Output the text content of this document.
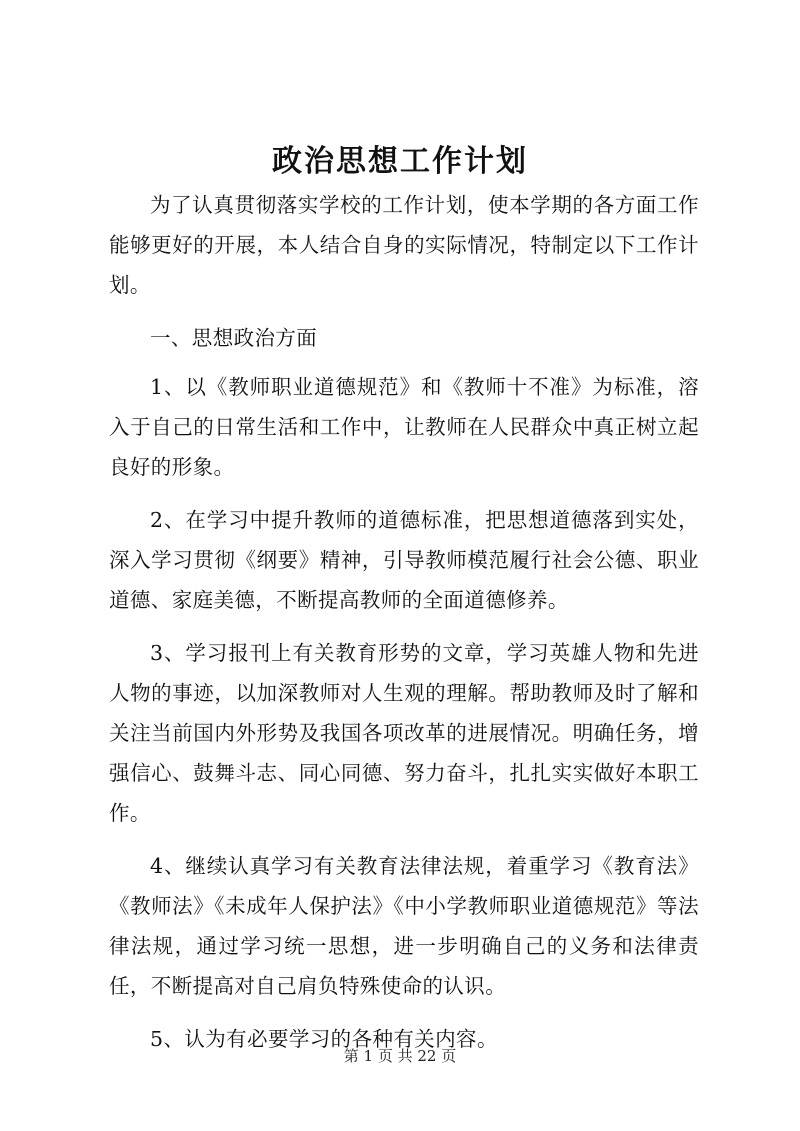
政治思想工作计划

为了认真贯彻落实学校的工作计划，使本学期的各方面工作能够更好的开展，本人结合自身的实际情况，特制定以下工作计划。

一、思想政治方面

1、以《教师职业道德规范》和《教师十不准》为标准，溶入于自己的日常生活和工作中，让教师在人民群众中真正树立起良好的形象。

2、在学习中提升教师的道德标准，把思想道德落到实处，深入学习贯彻《纲要》精神，引导教师模范履行社会公德、职业道德、家庭美德，不断提高教师的全面道德修养。

3、学习报刊上有关教育形势的文章，学习英雄人物和先进人物的事迹，以加深教师对人生观的理解。帮助教师及时了解和关注当前国内外形势及我国各项改革的进展情况。明确任务，增强信心、鼓舞斗志、同心同德、努力奋斗，扎扎实实做好本职工作。

4、继续认真学习有关教育法律法规，着重学习《教育法》《教师法》《未成年人保护法》《中小学教师职业道德规范》等法律法规，通过学习统一思想，进一步明确自己的义务和法律责任，不断提高对自己肩负特殊使命的认识。

5、认为有必要学习的各种有关内容。

第 1 页 共 22 页
